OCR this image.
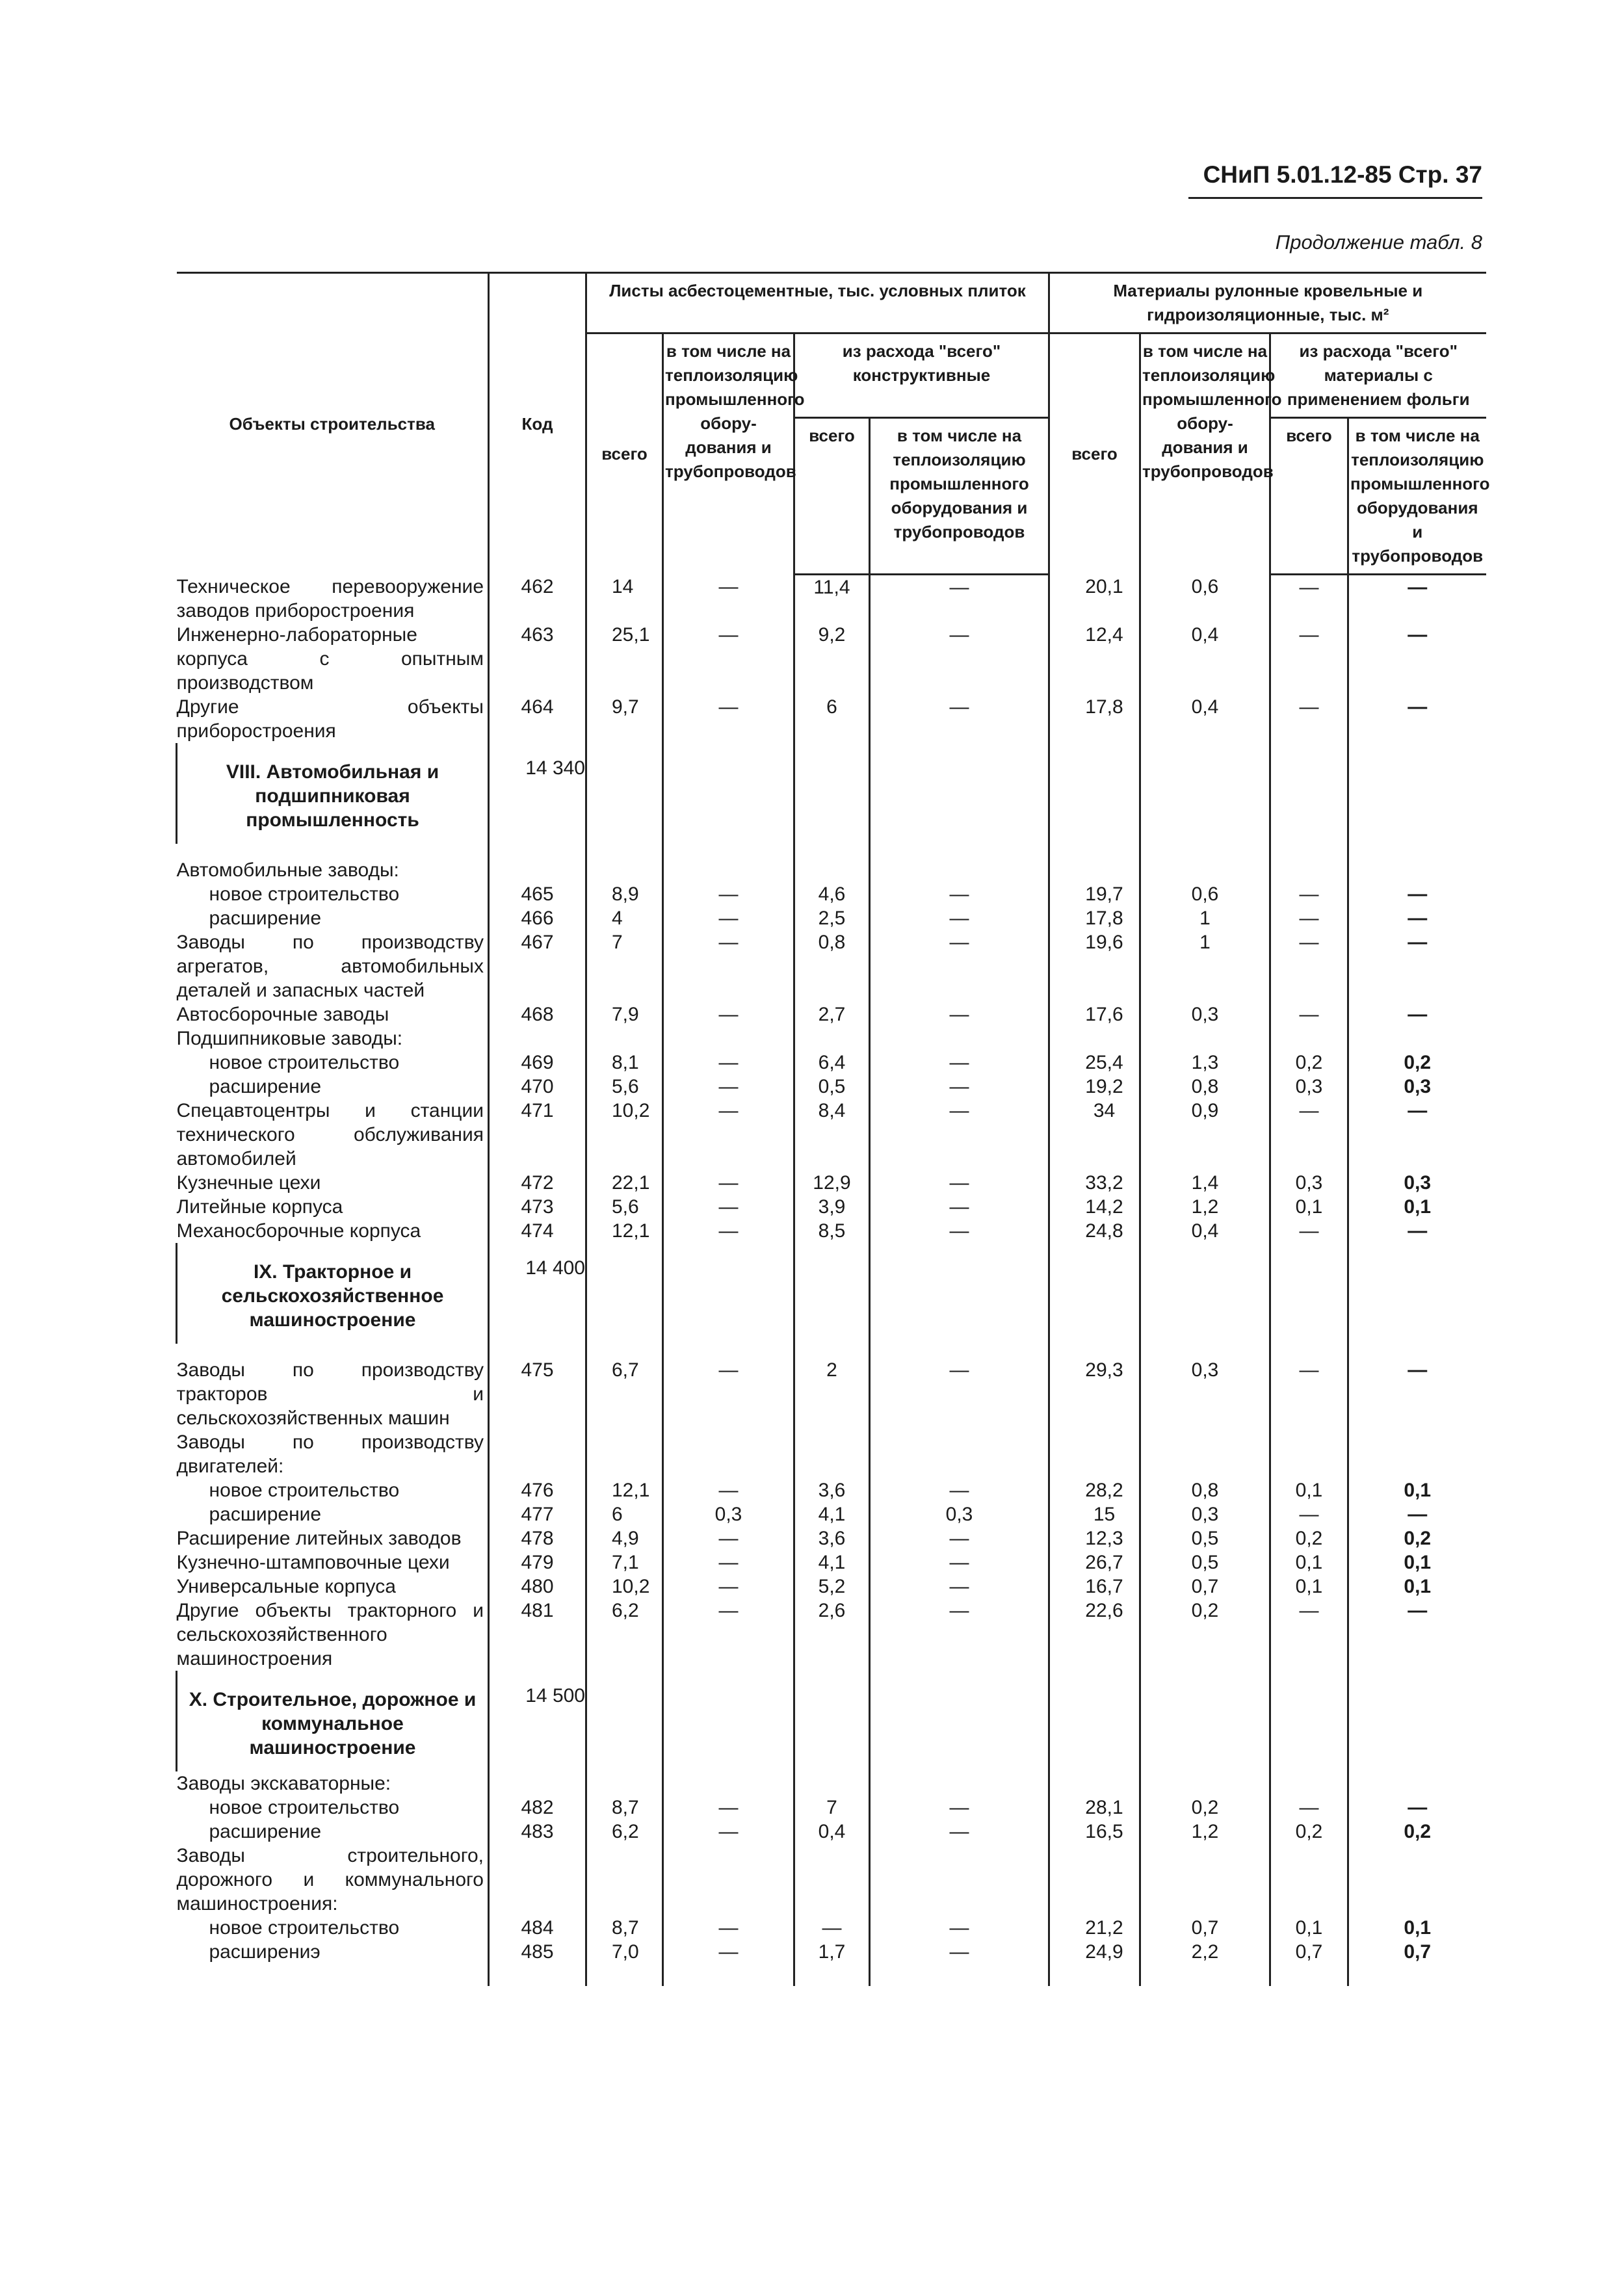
СНиП 5.01.12-85 Стр. 37
Продолжение табл. 8
Объекты строительства	Код	Листы асбестоцементные, тыс. условных плиток				Материалы рулонные кровельные и гидроизоляционные, тыс. м²			
		всего	в том числе на теплоизоляцию промышленного обору- дования и трубопроводов	из расхода "всего" конструктивные		всего	в том числе на теплоизоляцию промышленного обору- дования и трубопроводов	из расхода "всего" материалы с применением фольги	
				всего	в том числе на теплоизоляцию промышленного оборудования и трубопроводов			всего	в том числе на теплоизоляцию промышленного оборудования и трубопроводов
Техническое перевооружение заводов приборостроения	462	14	—	11,4	—	20,1	0,6	—	—
Инженерно-лабораторные корпуса с опытным производством	463	25,1	—	9,2	—	12,4	0,4	—	—
Другие объекты приборостроения	464	9,7	—	6	—	17,8	0,4	—	—
VIII. Автомобильная и подшипниковая промышленность	14 340								
Автомобильные заводы:									
новое строительство	465	8,9	—	4,6	—	19,7	0,6	—	—
расширение	466	4	—	2,5	—	17,8	1	—	—
Заводы по производству агрегатов, автомобильных деталей и запасных частей	467	7	—	0,8	—	19,6	1	—	—
Автосборочные заводы	468	7,9	—	2,7	—	17,6	0,3	—	—
Подшипниковые заводы:									
новое строительство	469	8,1	—	6,4	—	25,4	1,3	0,2	0,2
расширение	470	5,6	—	0,5	—	19,2	0,8	0,3	0,3
Спецавтоцентры и станции технического обслуживания автомобилей	471	10,2	—	8,4	—	34	0,9	—	—
Кузнечные цехи	472	22,1	—	12,9	—	33,2	1,4	0,3	0,3
Литейные корпуса	473	5,6	—	3,9	—	14,2	1,2	0,1	0,1
Механосборочные корпуса	474	12,1	—	8,5	—	24,8	0,4	—	—
IX. Тракторное и сельскохозяйственное машиностроение	14 400								
Заводы по производству тракторов и сельскохозяйственных машин	475	6,7	—	2	—	29,3	0,3	—	—
Заводы по производству двигателей:									
новое строительство	476	12,1	—	3,6	—	28,2	0,8	0,1	0,1
расширение	477	6	0,3	4,1	0,3	15	0,3	—	—
Расширение литейных заводов	478	4,9	—	3,6	—	12,3	0,5	0,2	0,2
Кузнечно-штамповочные цехи	479	7,1	—	4,1	—	26,7	0,5	0,1	0,1
Универсальные корпуса	480	10,2	—	5,2	—	16,7	0,7	0,1	0,1
Другие объекты тракторного и сельскохозяйственного машиностроения	481	6,2	—	2,6	—	22,6	0,2	—	—
X. Строительное, дорожное и коммунальное машиностроение	14 500								
Заводы экскаваторные:									
новое строительство	482	8,7	—	7	—	28,1	0,2	—	—
расширение	483	6,2	—	0,4	—	16,5	1,2	0,2	0,2
Заводы строительного, дорожного и коммунального машиностроения:									
новое строительство	484	8,7	—	—	—	21,2	0,7	0,1	0,1
расширениэ	485	7,0	—	1,7	—	24,9	2,2	0,7	0,7
